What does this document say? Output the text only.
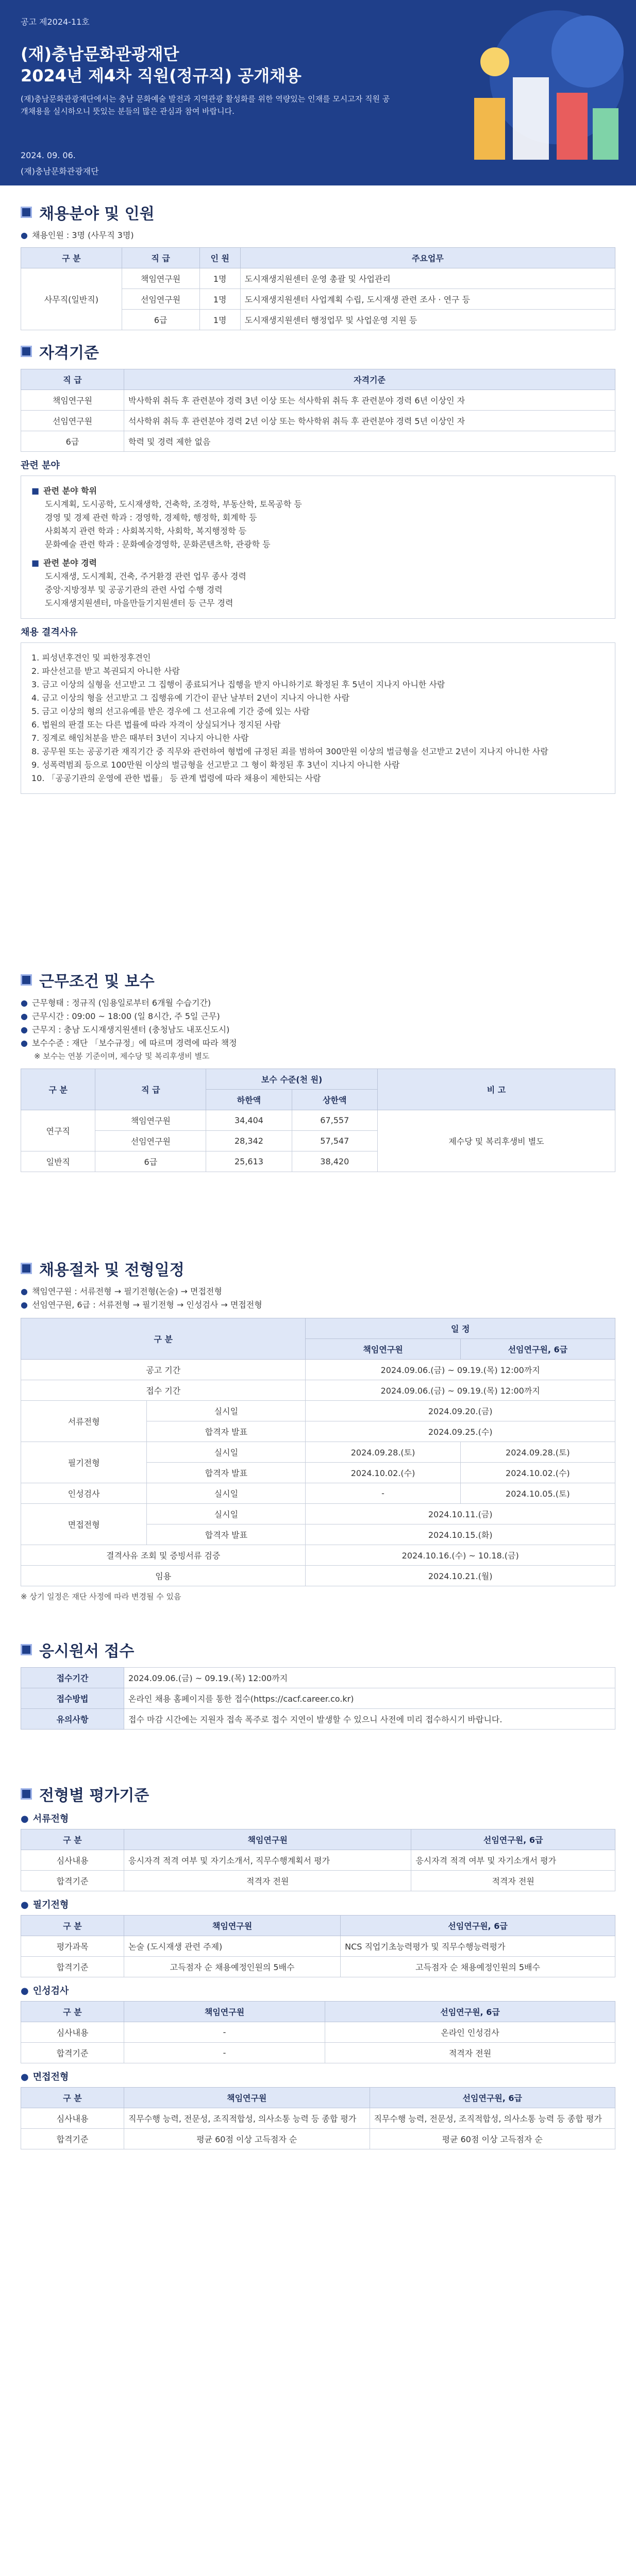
공고 제2024-11호
(재)충남문화관광재단
2024년 제4차 직원(정규직) 공개채용
(재)충남문화관광재단에서는 충남 문화예술 발전과 지역관광 활성화를 위한 역량있는 인재를 모시고자 직원 공개채용을 실시하오니 뜻있는 분들의 많은 관심과 참여 바랍니다.
2024. 09. 06.
(재)충남문화관광재단
채용분야 및 인원
● 채용인원 : 3명 (사무직 3명)
구 분	직 급	인 원	주요업무
사무직(일반직)	책임연구원	1명	도시재생지원센터 운영 총괄 및 사업관리
	선임연구원	1명	도시재생지원센터 사업계획 수립, 도시재생 관련 조사 · 연구 등
	6급	1명	도시재생지원센터 행정업무 및 사업운영 지원 등
자격기준
직 급	자격기준
책임연구원	박사학위 취득 후 관련분야 경력 3년 이상 또는 석사학위 취득 후 관련분야 경력 6년 이상인 자
선임연구원	석사학위 취득 후 관련분야 경력 2년 이상 또는 학사학위 취득 후 관련분야 경력 5년 이상인 자
6급	학력 및 경력 제한 없음
관련 분야
■ 관련 분야 학위
도시계획, 도시공학, 도시재생학, 건축학, 조경학, 부동산학, 토목공학 등
경영 및 경제 관련 학과 : 경영학, 경제학, 행정학, 회계학 등
사회복지 관련 학과 : 사회복지학, 사회학, 복지행정학 등
문화예술 관련 학과 : 문화예술경영학, 문화콘텐츠학, 관광학 등
■ 관련 분야 경력
도시재생, 도시계획, 건축, 주거환경 관련 업무 종사 경력
중앙·지방정부 및 공공기관의 관련 사업 수행 경력
도시재생지원센터, 마을만들기지원센터 등 근무 경력
채용 결격사유
1. 피성년후견인 및 피한정후견인
2. 파산선고를 받고 복권되지 아니한 사람
3. 금고 이상의 실형을 선고받고 그 집행이 종료되거나 집행을 받지 아니하기로 확정된 후 5년이 지나지 아니한 사람
4. 금고 이상의 형을 선고받고 그 집행유예 기간이 끝난 날부터 2년이 지나지 아니한 사람
5. 금고 이상의 형의 선고유예를 받은 경우에 그 선고유예 기간 중에 있는 사람
6. 법원의 판결 또는 다른 법률에 따라 자격이 상실되거나 정지된 사람
7. 징계로 해임처분을 받은 때부터 3년이 지나지 아니한 사람
8. 공무원 또는 공공기관 재직기간 중 직무와 관련하여 형법에 규정된 죄를 범하여 300만원 이상의 벌금형을 선고받고 2년이 지나지 아니한 사람
9. 성폭력범죄 등으로 100만원 이상의 벌금형을 선고받고 그 형이 확정된 후 3년이 지나지 아니한 사람
10. 「공공기관의 운영에 관한 법률」 등 관계 법령에 따라 채용이 제한되는 사람
근무조건 및 보수
● 근무형태 : 정규직 (임용일로부터 6개월 수습기간)
● 근무시간 : 09:00 ~ 18:00 (일 8시간, 주 5일 근무)
● 근무지 : 충남 도시재생지원센터 (충청남도 내포신도시)
● 보수수준 : 재단 「보수규정」에 따르며 경력에 따라 책정
※ 보수는 연봉 기준이며, 제수당 및 복리후생비 별도
구 분	직 급	보수 수준(천 원)		비 고
		하한액	상한액	
연구직	책임연구원	34,404	67,557	제수당 및 복리후생비 별도
	선임연구원	28,342	57,547	
일반직	6급	25,613	38,420	
채용절차 및 전형일정
● 책임연구원 : 서류전형 → 필기전형(논술) → 면접전형
● 선임연구원, 6급 : 서류전형 → 필기전형 → 인성검사 → 면접전형
구 분		일 정	
		책임연구원	선임연구원, 6급
공고 기간		2024.09.06.(금) ~ 09.19.(목) 12:00까지	
접수 기간		2024.09.06.(금) ~ 09.19.(목) 12:00까지	
서류전형	실시일	2024.09.20.(금)	
	합격자 발표	2024.09.25.(수)	
필기전형	실시일	2024.09.28.(토)	2024.09.28.(토)
	합격자 발표	2024.10.02.(수)	2024.10.02.(수)
인성검사	실시일	-	2024.10.05.(토)
면접전형	실시일	2024.10.11.(금)	
	합격자 발표	2024.10.15.(화)	
결격사유 조회 및 증빙서류 검증		2024.10.16.(수) ~ 10.18.(금)	
임용		2024.10.21.(월)	
※ 상기 일정은 재단 사정에 따라 변경될 수 있음
응시원서 접수
접수기간	2024.09.06.(금) ~ 09.19.(목) 12:00까지
접수방법	온라인 채용 홈페이지를 통한 접수(https://cacf.career.co.kr)
유의사항	접수 마감 시간에는 지원자 접속 폭주로 접수 지연이 발생할 수 있으니 사전에 미리 접수하시기 바랍니다.
전형별 평가기준
● 서류전형
구 분	책임연구원	선임연구원, 6급
심사내용	응시자격 적격 여부 및 자기소개서, 직무수행계획서 평가	응시자격 적격 여부 및 자기소개서 평가
합격기준	적격자 전원	적격자 전원
● 필기전형
구 분	책임연구원	선임연구원, 6급
평가과목	논술 (도시재생 관련 주제)	NCS 직업기초능력평가 및 직무수행능력평가
합격기준	고득점자 순 채용예정인원의 5배수	고득점자 순 채용예정인원의 5배수
● 인성검사
구 분	책임연구원	선임연구원, 6급
심사내용	-	온라인 인성검사
합격기준	-	적격자 전원
● 면접전형
구 분	책임연구원	선임연구원, 6급
심사내용	직무수행 능력, 전문성, 조직적합성, 의사소통 능력 등 종합 평가	직무수행 능력, 전문성, 조직적합성, 의사소통 능력 등 종합 평가
합격기준	평균 60점 이상 고득점자 순	평균 60점 이상 고득점자 순
